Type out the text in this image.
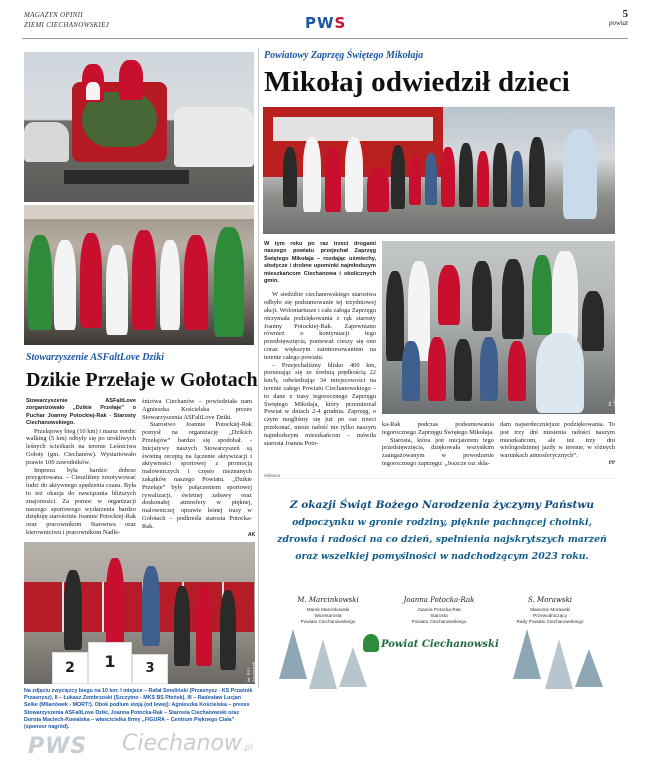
MAGAZYN OPINII
ZIEMI CIECHANOWSKIEJ	PWS	5
powiat
Powiatowy Zaprzęg Świętego Mikołaja
Mikołaj odwiedził dzieci
W tym roku po raz trzeci drogami naszego powiatu przejechał Zaprzęg Świętego Mikołaja – rozdając uśmiechy, słodycze i drobne upominki najmłodszym mieszkańcom Ciechanowa i okolicznych gmin.

W siedzibie ciechanowskiego starostwa odbyło się podsumowanie tej trzydniowej akcji. Wolontariusze i cała załoga Zaprzęgu otrzymała podziękowania z rąk starosty Joanny Potockiej-Rak. Zapewniano również o kontynuacji tego przedsięwzięcia, ponieważ cieszy się ono coraz większym zainteresowaniem na terenie całego powiatu.

– Przejechaliśmy blisko 400 km, poruszając się ze średnią prędkością 22 km/h, odwiedzając 34 miejscowości na terenie całego Powiatu Ciechanowskiego – to dane z trasy tegorocznego Zaprzęgu Świętego Mikołaja, który przemierzał Powiat w dniach 2-4 grudnia. Zaprzęg, o czym mogliśmy się już po raz trzeci przekonać, niesie radość nie tylko naszym najmłodszym mieszkańcom – mówiła starosta Joanna Poto-

fot. UP / AM

ka-Rak podczas podsumowania tegorocznego Zaprzęgu Świętego Mikołaja.

Starosta, która jest inicjatorem tego przedsięwzięcia, dziękowała wszystkim zaangażowanym w powodzenie tegorocznego zaprzęgu: „Jeszcze raz skła-

dam najserdeczniejsze podziękowania. To jest trzy dni niesienia radości naszym mieszkańcom, ale też trzy dni wielogodzinnej jazdy w terenie, w różnych warunkach atmosferycznych”.

PP
reklama
Stowarzyszenie ASFaltLove Dziki
Dzikie Przełaje w Gołotach
Stowarzyszenie ASFaltLove zorganizowało „Dzikie Przełaje” o Puchar Joanny Potockiej-Rak - Starosty Ciechanowskiego.

Przełajowy bieg (10 km) i marsz nordic walking (5 km) odbyły się po urokliwych leśnych ścieżkach na terenie Leśnictwa Gołoty (gm. Ciechanów). Wystartowało prawie 100 zawodników.

Impreza była bardzo dobrze przygotowana. – Cieszliśmy zmotywować ludzi do aktywnego spędzenia czasu. Była to też okazja do nawiązania bliższych znajomości. Za pomoc w organizacji naszego sportowego wydarzenia bardzo dziękuję starościnie Joannie Potockiej-Rak oraz pracownikom Starostwa oraz kierownictwu i pracownikom Nadle-

śnictwa Ciechanów – powiedziała nam Agnieszka Kościelska - prezes Stowarzyszenia ASFaltLove Dziki.

Starostwo Joannie Potockiej-Rak pomysł na organizację „Dzikich Przełajów” bardzo się spodobał. - Inicjatywy naszych Stowarzyszeń są świetną receptą na łączenie aktywizacji i aktywności sportowej z promocją malowniczych i często nieznanych zakątków naszego Powiatu. „Dzikie Przełaje” były połączeniem sportowej rywalizacji, świetnej zabawy oraz doskonałej atmosfery w pięknej, malowniczej oprawie leśnej trasy w Gołotach – podkreśla starosta Potocka-Rak.

AK
2	1	3	fot. PS / Kaczmarek
Na zdjęciu zwycięzcy biegu na 10 km: I miejsce – Rafał Smoliński (Przasnysz - KS Przaśnik Przasnysz), II – Łukasz Zembrzoski (Szczytno - MKS BS Płońsk), III – Radosław Lucjan Selke (Milanówek - MORT!). Obok podium stoją (od lewej): Agnieszka Kościelska – prezes Stowarzyszenia ASFaltLove Dziki, Joanna Potocka-Rak – Starosta Ciechanowski oraz Dorota Maciech-Kowalska – właścicielka firmy „FIGURA – Centrum Pięknego Ciała” (sponsor nagród).
Z okazji Świąt Bożego Narodzenia życzymy Państwu
odpoczynku w gronie rodziny, pięknie pachnącej choinki,
zdrowia i radości na co dzień, spełnienia najskrytszych marzeń
oraz wszelkiej pomyślności w nadchodzącym 2023 roku.
M. Marcinkowski
Marek Marcinkowski
Wicestarosta
Powiatu Ciechanowskiego
Joanna Potocka-Rak
Joanna Potocka-Rak
Starosta
Powiatu Ciechanowskiego
S. Morawski
Sławomir Morawski
Przewodniczący
Rady Powiatu Ciechanowskiego
Powiat Ciechanowski
PWS Ciechanow.pl
